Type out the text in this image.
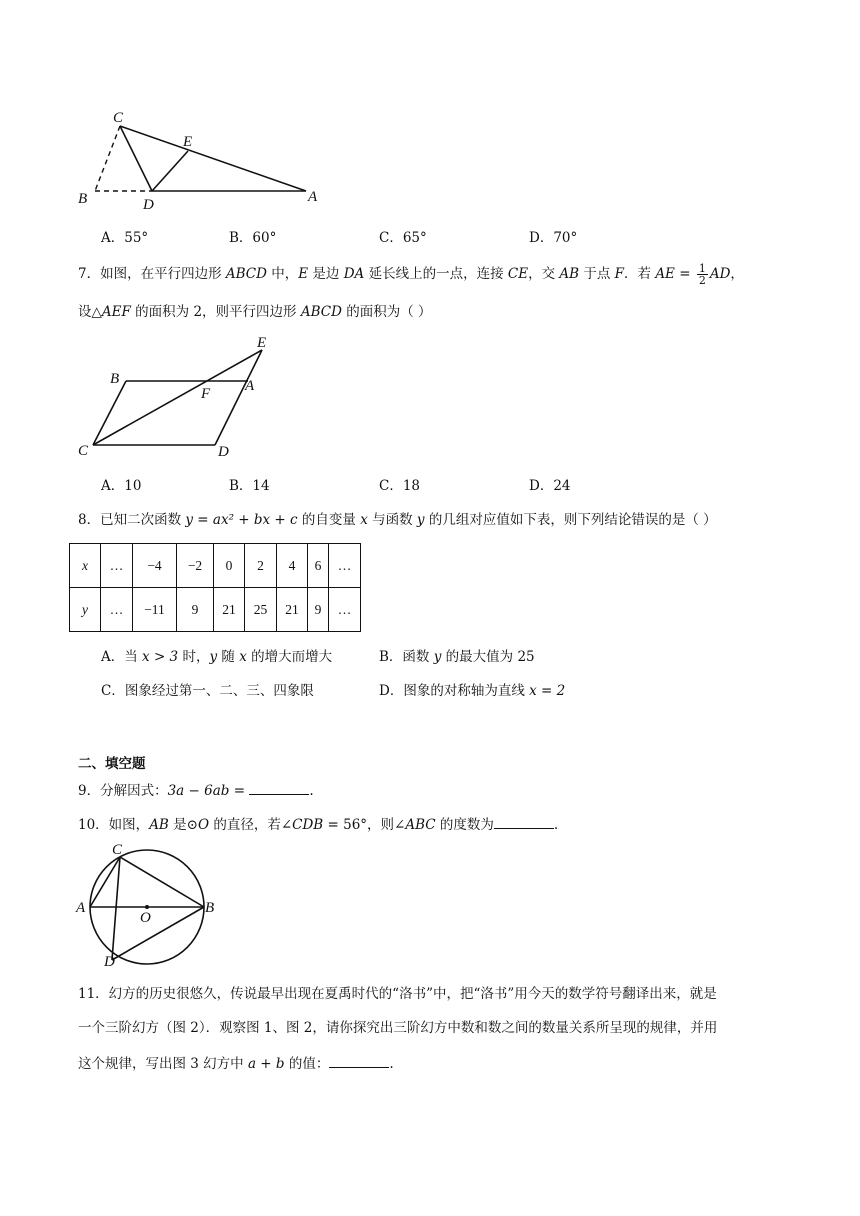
C
E
B	D	A
A．55°	B．60°	C．65°	D．70°
7．如图，在平行四边形 ABCD 中，E 是边 DA 延长线上的一点，连接 CE，交 AB 于点 F．若 AE = $\frac{1}{2}$ AD，
设△AEF 的面积为 2，则平行四边形 ABCD 的面积为（ ）
E
B
F A
C	D
A．10	B．14	C．18	D．24
8．已知二次函数 y = ax² + bx + c 的自变量 x 与函数 y 的几组对应值如下表，则下列结论错误的是（ ）
x	…	−4	−2	0	2	4	6	…
y	…	−11	9	21	25	21	9	…
A．当 x > 3 时，y 随 x 的增大而增大	B．函数 y 的最大值为 25
C．图象经过第一、二、三、四象限	D．图象的对称轴为直线 x = 2
二、填空题
9．分解因式：3a − 6ab =	.
10．如图，AB 是⊙O 的直径，若∠CDB = 56°，则∠ABC 的度数为	.
C
A
O
B
D
11．幻方的历史很悠久，传说最早出现在夏禹时代的“洛书”中，把“洛书”用今天的数学符号翻译出来，就是
一个三阶幻方（图 2）．观察图 1、图 2，请你探究出三阶幻方中数和数之间的数量关系所呈现的规律，并用
这个规律，写出图 3 幻方中 a + b 的值：	.
